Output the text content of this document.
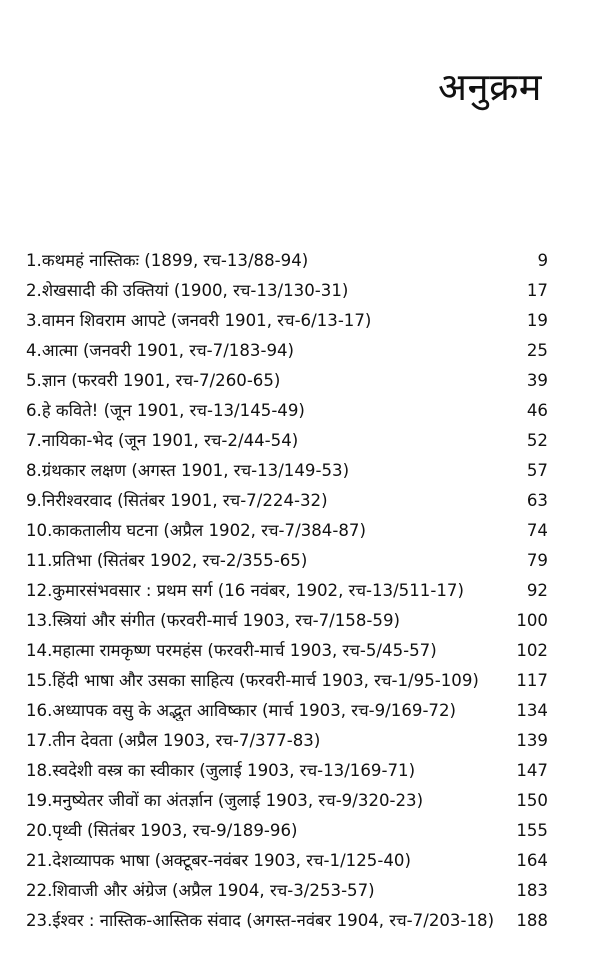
अनुक्रम
1. कथमहं नास्तिकः (1899, रच-13/88-94)	9
2. शेखसादी की उक्तियां (1900, रच-13/130-31)	17
3. वामन शिवराम आपटे (जनवरी 1901, रच-6/13-17)	19
4. आत्मा (जनवरी 1901, रच-7/183-94)	25
5. ज्ञान (फरवरी 1901, रच-7/260-65)	39
6. हे कविते! (जून 1901, रच-13/145-49)	46
7. नायिका-भेद (जून 1901, रच-2/44-54)	52
8. ग्रंथकार लक्षण (अगस्त 1901, रच-13/149-53)	57
9. निरीश्वरवाद (सितंबर 1901, रच-7/224-32)	63
10. काकतालीय घटना (अप्रैल 1902, रच-7/384-87)	74
11. प्रतिभा (सितंबर 1902, रच-2/355-65)	79
12. कुमारसंभवसार : प्रथम सर्ग (16 नवंबर, 1902, रच-13/511-17)	92
13. स्त्रियां और संगीत (फरवरी-मार्च 1903, रच-7/158-59)	100
14. महात्मा रामकृष्ण परमहंस (फरवरी-मार्च 1903, रच-5/45-57)	102
15. हिंदी भाषा और उसका साहित्य (फरवरी-मार्च 1903, रच-1/95-109)	117
16. अध्यापक वसु के अद्भुत आविष्कार (मार्च 1903, रच-9/169-72)	134
17. तीन देवता (अप्रैल 1903, रच-7/377-83)	139
18. स्वदेशी वस्त्र का स्वीकार (जुलाई 1903, रच-13/169-71)	147
19. मनुष्येतर जीवों का अंतर्ज्ञान (जुलाई 1903, रच-9/320-23)	150
20. पृथ्वी (सितंबर 1903, रच-9/189-96)	155
21. देशव्यापक भाषा (अक्टूबर-नवंबर 1903, रच-1/125-40)	164
22. शिवाजी और अंग्रेज (अप्रैल 1904, रच-3/253-57)	183
23. ईश्वर : नास्तिक-आस्तिक संवाद (अगस्त-नवंबर 1904, रच-7/203-18)	188
